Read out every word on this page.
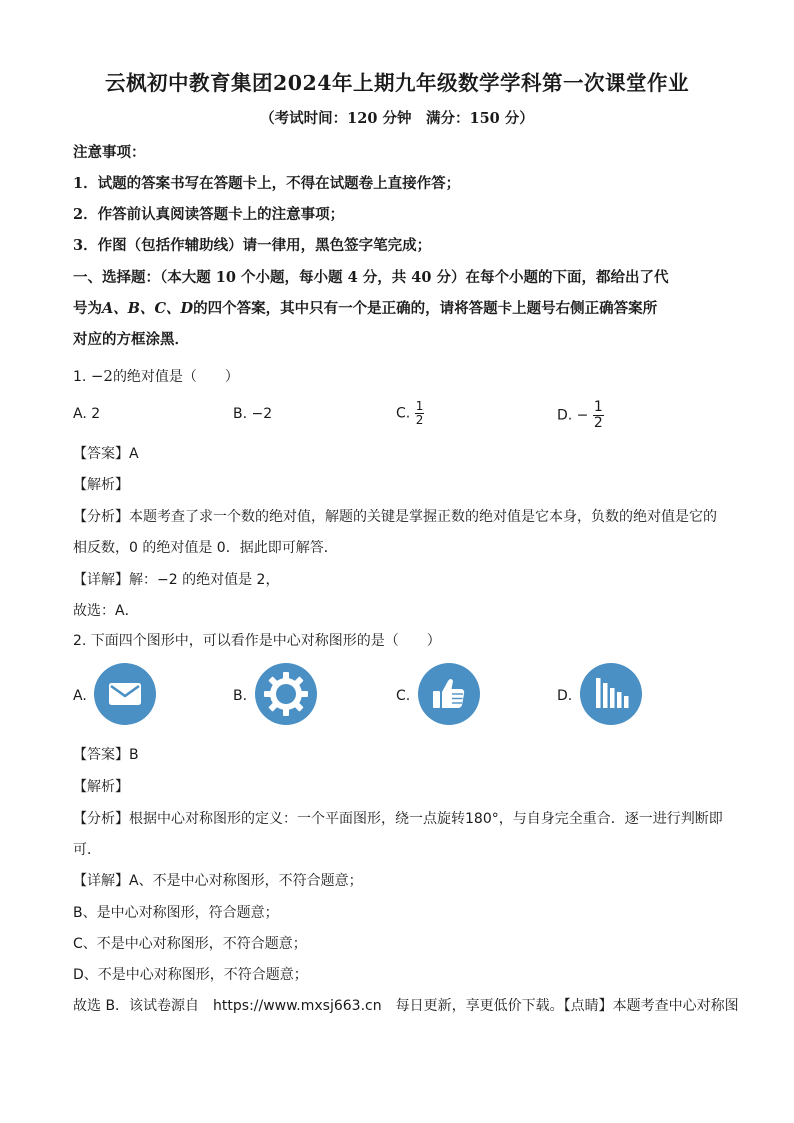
云枫初中教育集团2024年上期九年级数学学科第一次课堂作业
（考试时间：120 分钟　满分：150 分）
注意事项：
1．试题的答案书写在答题卡上，不得在试题卷上直接作答；
2．作答前认真阅读答题卡上的注意事项；
3．作图（包括作辅助线）请一律用，黑色签字笔完成；
一、选择题：（本大题 10 个小题，每小题 4 分，共 40 分）在每个小题的下面，都给出了代
号为A、B、C、D的四个答案，其中只有一个是正确的，请将答题卡上题号右侧正确答案所
对应的方框涂黑．
1. −2的绝对值是（　　）
A. 2	B. −2	C. $\frac{1}{2}$	D. − $\frac{1}{2}$
【答案】A
【解析】
【分析】本题考查了求一个数的绝对值，解题的关键是掌握正数的绝对值是它本身，负数的绝对值是它的
相反数，0 的绝对值是 0．据此即可解答．
【详解】解：−2 的绝对值是 2，
故选：A．
2. 下面四个图形中，可以看作是中心对称图形的是（　　）
A.	B.	C.	D.
【答案】B
【解析】
【分析】根据中心对称图形的定义：一个平面图形，绕一点旋转180°，与自身完全重合．逐一进行判断即
可．
【详解】A、不是中心对称图形，不符合题意；
B、是中心对称图形，符合题意；
C、不是中心对称图形，不符合题意；
D、不是中心对称图形，不符合题意；
故选 B．该试卷源自　https://www.mxsj663.cn　每日更新，享更低价下载。【点睛】本题考查中心对称图
